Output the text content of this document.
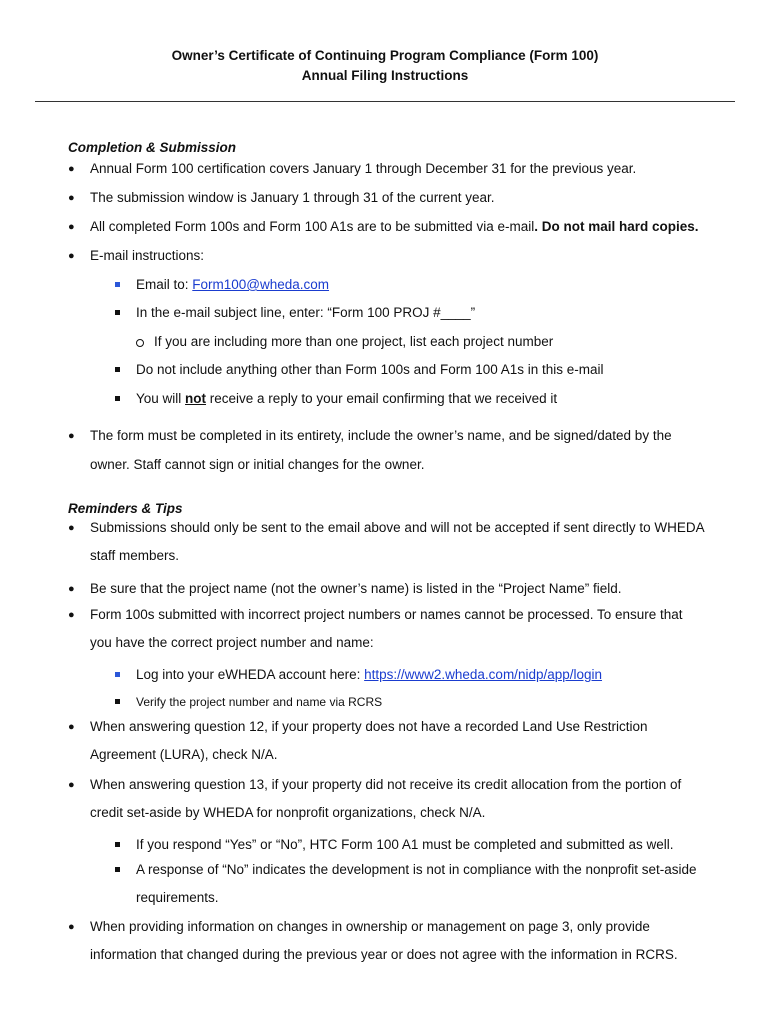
Owner’s Certificate of Continuing Program Compliance (Form 100)
Annual Filing Instructions
Completion & Submission
●
Annual Form 100 certification covers January 1 through December 31 for the previous year.
●
The submission window is January 1 through 31 of the current year.
●
All completed Form 100s and Form 100 A1s are to be submitted via e-mail. Do not mail hard copies.
●
E-mail instructions:
Email to: Form100@wheda.com
In the e-mail subject line, enter: “Form 100 PROJ #____”
If you are including more than one project, list each project number
Do not include anything other than Form 100s and Form 100 A1s in this e-mail
You will not receive a reply to your email confirming that we received it
●
The form must be completed in its entirety, include the owner’s name, and be signed/dated by the
owner. Staff cannot sign or initial changes for the owner.
Reminders & Tips
●
Submissions should only be sent to the email above and will not be accepted if sent directly to WHEDA
staff members.
●
Be sure that the project name (not the owner’s name) is listed in the “Project Name” field.
●
Form 100s submitted with incorrect project numbers or names cannot be processed. To ensure that
you have the correct project number and name:
Log into your eWHEDA account here: https://www2.wheda.com/nidp/app/login
Verify the project number and name via RCRS
●
When answering question 12, if your property does not have a recorded Land Use Restriction
Agreement (LURA), check N/A.
●
When answering question 13, if your property did not receive its credit allocation from the portion of
credit set-aside by WHEDA for nonprofit organizations, check N/A.
If you respond “Yes” or “No”, HTC Form 100 A1 must be completed and submitted as well.
A response of “No” indicates the development is not in compliance with the nonprofit set-aside
requirements.
●
When providing information on changes in ownership or management on page 3, only provide
information that changed during the previous year or does not agree with the information in RCRS.
